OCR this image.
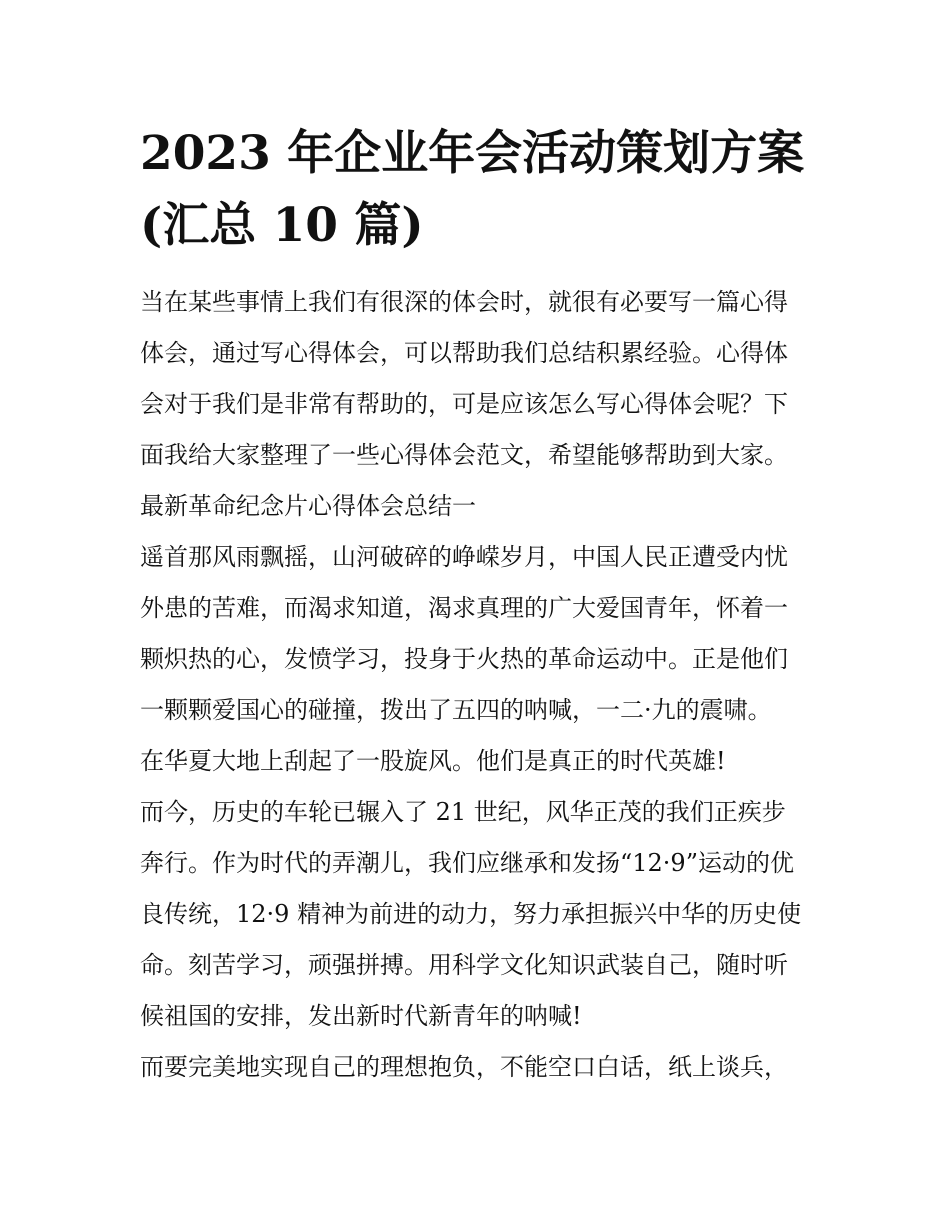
2023 年企业年会活动策划方案
(汇总 10 篇)

当在某些事情上我们有很深的体会时，就很有必要写一篇心得
体会，通过写心得体会，可以帮助我们总结积累经验。心得体
会对于我们是非常有帮助的，可是应该怎么写心得体会呢？下
面我给大家整理了一些心得体会范文，希望能够帮助到大家。

最新革命纪念片心得体会总结一

遥首那风雨飘摇，山河破碎的峥嵘岁月，中国人民正遭受内忧
外患的苦难，而渴求知道，渴求真理的广大爱国青年，怀着一
颗炽热的心，发愤学习，投身于火热的革命运动中。正是他们
一颗颗爱国心的碰撞，拨出了五四的呐喊，一二·九的震啸。

在华夏大地上刮起了一股旋风。他们是真正的时代英雄!

而今，历史的车轮已辗入了 21 世纪，风华正茂的我们正疾步
奔行。作为时代的弄潮儿，我们应继承和发扬“12·9”运动的优
良传统，12·9 精神为前进的动力，努力承担振兴中华的历史使
命。刻苦学习，顽强拼搏。用科学文化知识武装自己，随时听
候祖国的安排，发出新时代新青年的呐喊!

而要完美地实现自己的理想抱负，不能空口白话，纸上谈兵，
